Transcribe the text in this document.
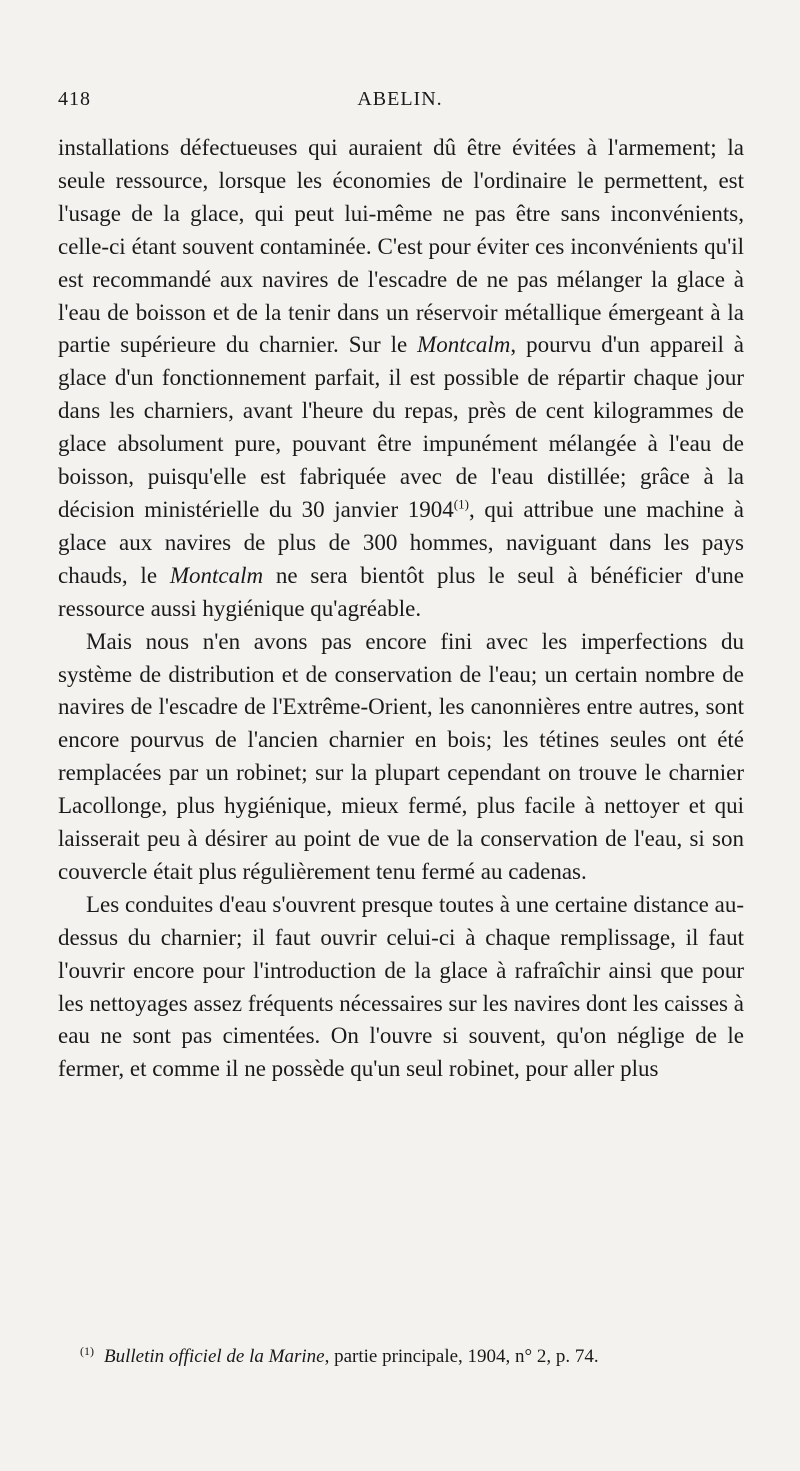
418	ABELIN.

installations défectueuses qui auraient dû être évitées à l'armement; la seule ressource, lorsque les économies de l'ordinaire le permettent, est l'usage de la glace, qui peut lui-même ne pas être sans inconvénients, celle-ci étant souvent contaminée. C'est pour éviter ces inconvénients qu'il est recommandé aux navires de l'escadre de ne pas mélanger la glace à l'eau de boisson et de la tenir dans un réservoir métallique émergeant à la partie supérieure du charnier. Sur le Montcalm, pourvu d'un appareil à glace d'un fonctionnement parfait, il est possible de répartir chaque jour dans les charniers, avant l'heure du repas, près de cent kilogrammes de glace absolument pure, pouvant être impunément mélangée à l'eau de boisson, puisqu'elle est fabriquée avec de l'eau distillée; grâce à la décision ministérielle du 30 janvier 1904$^{(1)}$, qui attribue une machine à glace aux navires de plus de 300 hommes, naviguant dans les pays chauds, le Montcalm ne sera bientôt plus le seul à bénéficier d'une ressource aussi hygiénique qu'agréable.

Mais nous n'en avons pas encore fini avec les imperfections du système de distribution et de conservation de l'eau; un certain nombre de navires de l'escadre de l'Extrême-Orient, les canonnières entre autres, sont encore pourvus de l'ancien charnier en bois; les tétines seules ont été remplacées par un robinet; sur la plupart cependant on trouve le charnier Lacollonge, plus hygiénique, mieux fermé, plus facile à nettoyer et qui laisserait peu à désirer au point de vue de la conservation de l'eau, si son couvercle était plus régulièrement tenu fermé au cadenas.

Les conduites d'eau s'ouvrent presque toutes à une certaine distance au-dessus du charnier; il faut ouvrir celui-ci à chaque remplissage, il faut l'ouvrir encore pour l'introduction de la glace à rafraîchir ainsi que pour les nettoyages assez fréquents nécessaires sur les navires dont les caisses à eau ne sont pas cimentées. On l'ouvre si souvent, qu'on néglige de le fermer, et comme il ne possède qu'un seul robinet, pour aller plus

$^{(1)}$ Bulletin officiel de la Marine, partie principale, 1904, n° 2, p. 74.
